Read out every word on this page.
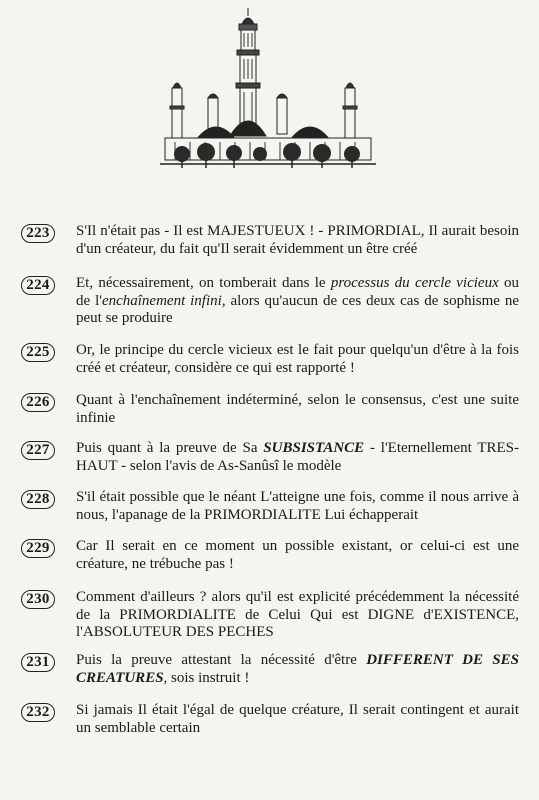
223	S'Il n'était pas - Il est MAJESTUEUX ! - PRIMORDIAL, Il aurait besoin d'un créateur, du fait qu'Il serait évidemment un être créé
224	Et, nécessairement, on tomberait dans le processus du cercle vicieux ou de l'enchaînement infini, alors qu'aucun de ces deux cas de sophisme ne peut se produire
225	Or, le principe du cercle vicieux est le fait pour quelqu'un d'être à la fois créé et créateur, considère ce qui est rapporté !
226	Quant à l'enchaînement indéterminé, selon le consensus, c'est une suite infinie
227	Puis quant à la preuve de Sa SUBSISTANCE - l'Eternellement TRES-HAUT - selon l'avis de As-Sanûsî le modèle
228	S'il était possible que le néant L'atteigne une fois, comme il nous arrive à nous, l'apanage de la PRIMORDIALITE Lui échapperait
229	Car Il serait en ce moment un possible existant, or celui-ci est une créature, ne trébuche pas !
230	Comment d'ailleurs ? alors qu'il est explicité précédemment la nécessité de la PRIMORDIALITE de Celui Qui est DIGNE d'EXISTENCE, l'ABSOLUTEUR DES PECHES
231	Puis la preuve attestant la nécessité d'être DIFFERENT DE SES CREATURES, sois instruit !
232	Si jamais Il était l'égal de quelque créature, Il serait contingent et aurait un semblable certain
